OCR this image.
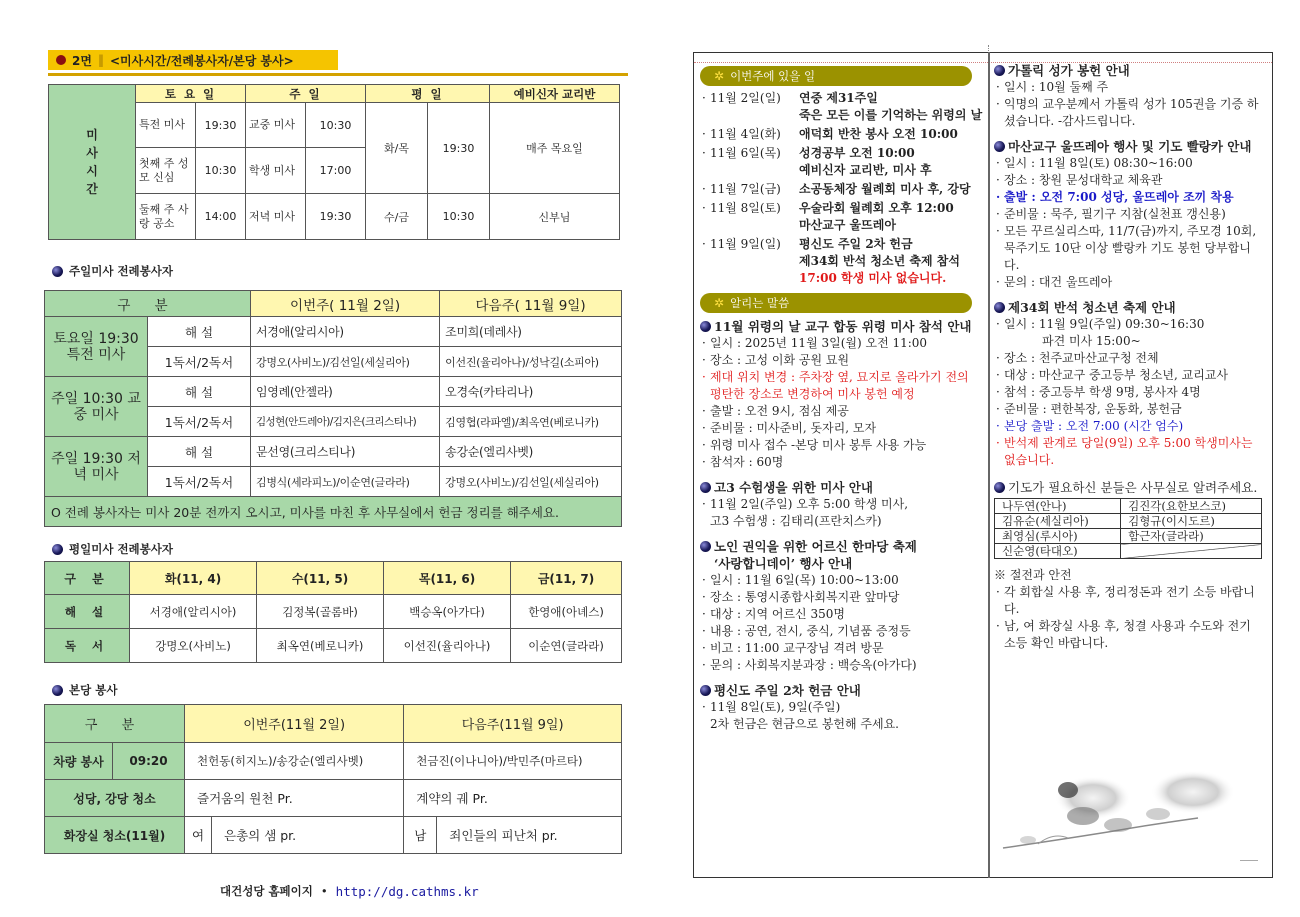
2면 ‖ <미사시간/전례봉사자/본당 봉사>
미
사
시
간	토 요 일		주 일		평 일		예비신자 교리반
	특전 미사	19:30	교중 미사	10:30	화/목	19:30	매주 목요일
	첫째 주 성모 신심	10:30	학생 미사	17:00			
	둘째 주 사랑 공소	14:00	저녁 미사	19:30	수/금	10:30	신부님
주일미사 전례봉사자
구 분		이번주( 11월 2일)	다음주( 11월 9일)
토요일 19:30 특전 미사	해 설	서경애(알리시아)	조미희(데레사)
	1독서/2독서	강명오(사비노)/김선일(세실리아)	이선진(율리아나)/성낙길(소피아)
주일 10:30 교중 미사	해 설	임영례(안젤라)	오경숙(카타리나)
	1독서/2독서	김성현(안드레아)/김지은(크리스티나)	김영협(라파엘)/최옥연(베로니카)
주일 19:30 저녁 미사	해 설	문선영(크리스티나)	송강순(엘리사벳)
	1독서/2독서	김병식(세라피노)/이순연(글라라)	강명오(사비노)/김선일(세실리아)
O 전례 봉사자는 미사 20분 전까지 오시고, 미사를 마친 후 사무실에서 헌금 정리를 해주세요.			
평일미사 전례봉사자
구 분	화(11, 4)	수(11, 5)	목(11, 6)	금(11, 7)
해 설	서경애(알리시아)	김정복(골롬바)	백승옥(아가다)	한영애(아녜스)
독 서	강명오(사비노)	최옥연(베로니카)	이선진(율리아나)	이순연(글라라)
본당 봉사
구 분		이번주(11월 2일)		다음주(11월 9일)	
차량 봉사	09:20	천헌동(히지노)/송강순(엘리사벳)		천금진(이나니아)/박민주(마르타)	
성당, 강당 청소		즐거움의 원천 Pr.		계약의 궤 Pr.	
화장실 청소(11월)		여	은총의 샘 pr.	남	죄인들의 피난처 pr.
대건성당 홈페이지 • http://dg.cathms.kr
✲ 이번주에 있을 일
· 11월 2일(일)	연중 제31주일
죽은 모든 이를 기억하는 위령의 날
· 11월 4일(화)	애덕회 반찬 봉사 오전 10:00
· 11월 6일(목)	성경공부 오전 10:00
예비신자 교리반, 미사 후
· 11월 7일(금)	소공동체장 월례회 미사 후, 강당
· 11월 8일(토)	우술라회 월례회 오후 12:00
마산교구 울뜨레아
· 11월 9일(일)	평신도 주일 2차 헌금
제34회 반석 청소년 축제 참석
17:00 학생 미사 없습니다.
✲ 알리는 말씀
11월 위령의 날 교구 합동 위령 미사 참석 안내
· 일시 : 2025년 11월 3일(월) 오전 11:00
· 장소 : 고성 이화 공원 묘원
· 제대 위치 변경 : 주차장 옆, 묘지로 올라가기 전의 평탄한 장소로 변경하여 미사 봉헌 예정
· 출발 : 오전 9시, 점심 제공
· 준비물 : 미사준비, 돗자리, 모자
· 위령 미사 접수 -본당 미사 봉투 사용 가능
· 참석자 : 60명
고3 수험생을 위한 미사 안내
· 11월 2일(주일) 오후 5:00 학생 미사,
고3 수험생 : 김태리(프란치스카)
노인 권익을 위한 어르신 한마당 축제
‘사랑합니데이’ 행사 안내
· 일시 : 11월 6일(목) 10:00~13:00
· 장소 : 통영시종합사회복지관 앞마당
· 대상 : 지역 어르신 350명
· 내용 : 공연, 전시, 중식, 기념품 증정등
· 비고 : 11:00 교구장님 격려 방문
· 문의 : 사회복지분과장 : 백승옥(아가다)
평신도 주일 2차 헌금 안내
· 11월 8일(토), 9일(주일)
2차 헌금은 현금으로 봉헌해 주세요.
가톨릭 성가 봉헌 안내
· 일시 : 10월 둘째 주
· 익명의 교우분께서 가톨릭 성가 105권을 기증 하셨습니다. -감사드립니다.
마산교구 울뜨레아 행사 및 기도 빨랑카 안내
· 일시 : 11월 8일(토) 08:30~16:00
· 장소 : 창원 문성대학교 체육관
· 출발 : 오전 7:00 성당, 울뜨레아 조끼 착용
· 준비물 : 묵주, 필기구 지참(실천표 갱신용)
· 모든 꾸르실리스따, 11/7(금)까지, 주모경 10회, 묵주기도 10단 이상 빨랑카 기도 봉헌 당부합니다.
· 문의 : 대건 울뜨레아
제34회 반석 청소년 축제 안내
· 일시 : 11월 9일(주일) 09:30~16:30
파견 미사 15:00~
· 장소 : 천주교마산교구청 전체
· 대상 : 마산교구 중고등부 청소년, 교리교사
· 참석 : 중고등부 학생 9명, 봉사자 4명
· 준비물 : 편한복장, 운동화, 봉헌금
· 본당 출발 : 오전 7:00 (시간 엄수)
· 반석제 관계로 당일(9일) 오후 5:00 학생미사는 없습니다.
기도가 필요하신 분들은 사무실로 알려주세요.
나두연(안나)	김진각(요한보스코)
김유순(세실리아)	김형규(이시도르)
최영심(루시아)	함근자(글라라)
신순영(타대오)	
※ 절전과 안전
· 각 회합실 사용 후, 정리정돈과 전기 소등 바랍니다.
· 남, 여 화장실 사용 후, 청결 사용과 수도와 전기 소등 확인 바랍니다.
